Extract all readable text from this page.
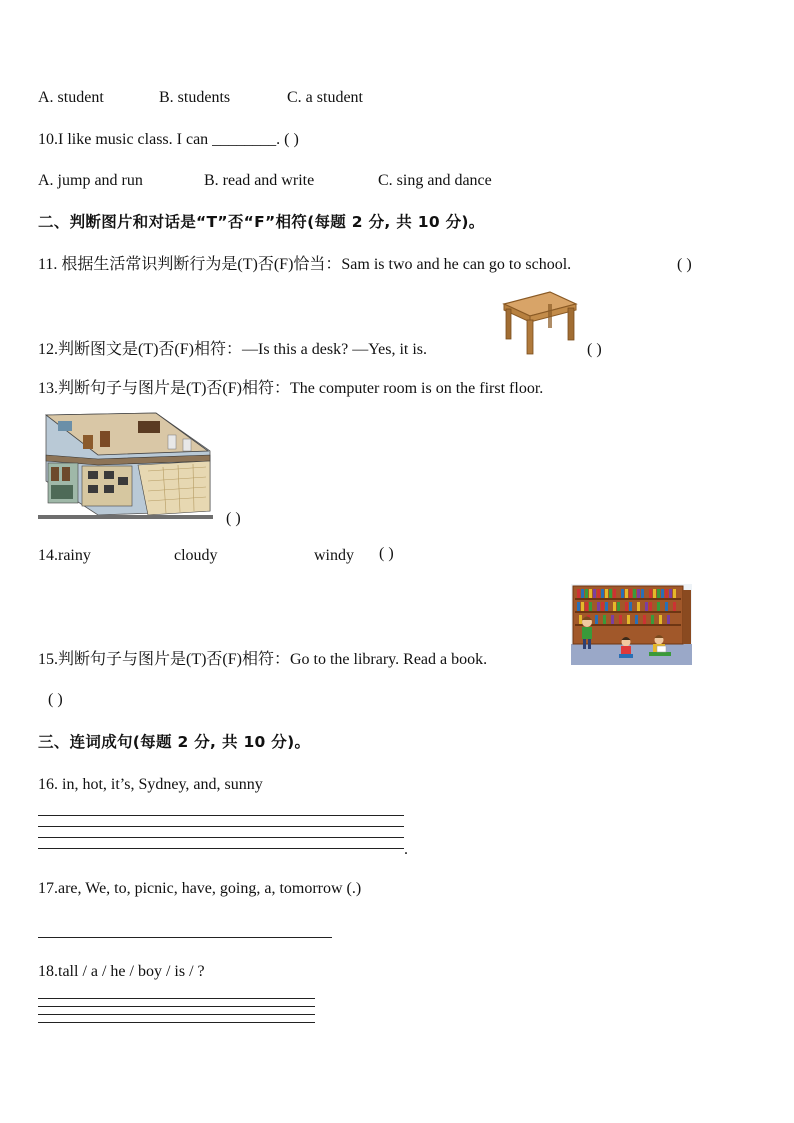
A. student	B. students	C. a student
10.I like music class. I can ________. ( )
A. jump and run	B. read and write	C. sing and dance
二、判断图片和对话是“T”否“F”相符(每题 2 分, 共 10 分)。
11. 根据生活常识判断行为是(T)否(F)恰当：Sam is two and he can go to school.	( )
12.判断图文是(T)否(F)相符：—Is this a desk? —Yes, it is.	( )
13.判断句子与图片是(T)否(F)相符：The computer room is on the first floor.
( )
14.rainy	cloudy	windy ( )
15.判断句子与图片是(T)否(F)相符：Go to the library. Read a book.
( )
三、连词成句(每题 2 分, 共 10 分)。
16. in, hot, it’s, Sydney, and, sunny
.
17.are, We, to, picnic, have, going, a, tomorrow (.)
18.tall / a / he / boy / is / ?
